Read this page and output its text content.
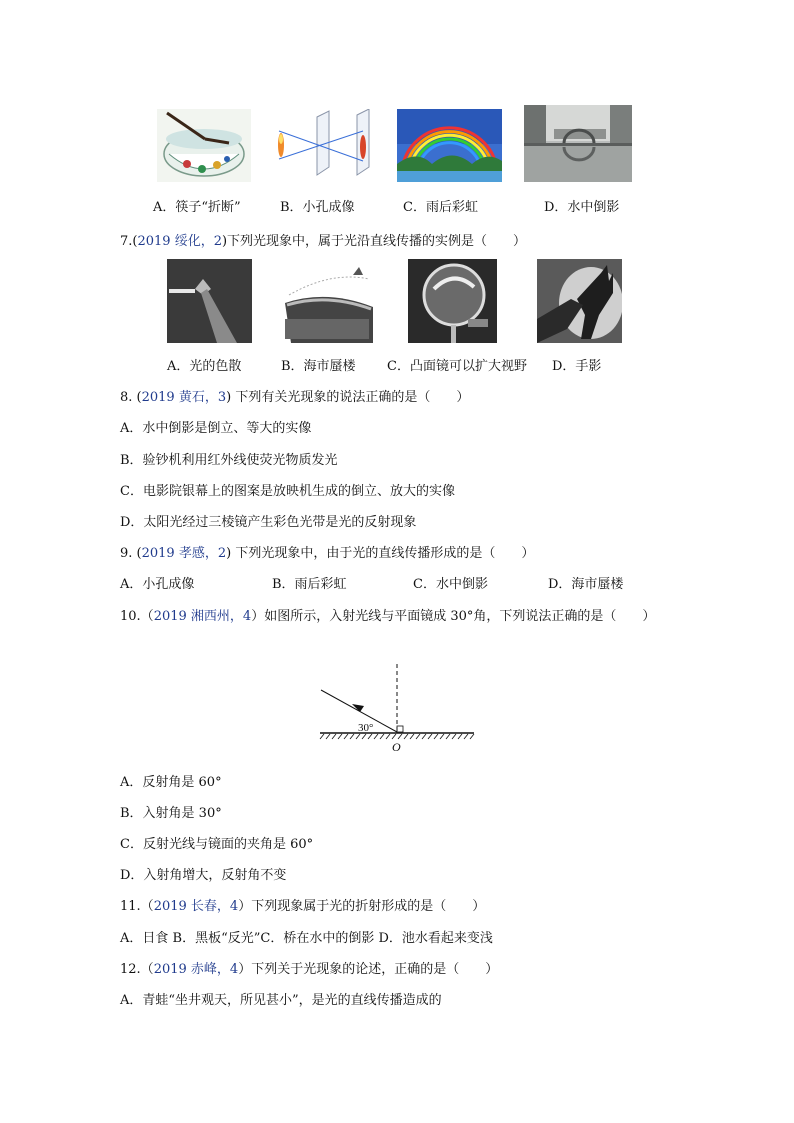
A．筷子“折断”	B．小孔成像	C．雨后彩虹	D．水中倒影
7.(2019 绥化，2)下列光现象中，属于光沿直线传播的实例是（　　）
A．光的色散	B．海市蜃楼 C．凸面镜可以扩大视野 D．手影
8. (2019 黄石，3) 下列有关光现象的说法正确的是（　　）
A．水中倒影是倒立、等大的实像
B．验钞机利用红外线使荧光物质发光
C．电影院银幕上的图案是放映机生成的倒立、放大的实像
D．太阳光经过三棱镜产生彩色光带是光的反射现象
9. (2019 孝感，2) 下列光现象中，由于光的直线传播形成的是（　　）
A．小孔成像	B．雨后彩虹	C．水中倒影	D．海市蜃楼
10.（2019 湘西州，4）如图所示，入射光线与平面镜成 30°角，下列说法正确的是（　　）
30°
O
A．反射角是 60°
B．入射角是 30°
C．反射光线与镜面的夹角是 60°
D．入射角增大，反射角不变
11.（2019 长春，4）下列现象属于光的折射形成的是（　　）
A．日食 B．黑板“反光”C．桥在水中的倒影 D．池水看起来变浅
12.（2019 赤峰，4）下列关于光现象的论述，正确的是（　　）
A．青蛙“坐井观天，所见甚小”，是光的直线传播造成的
